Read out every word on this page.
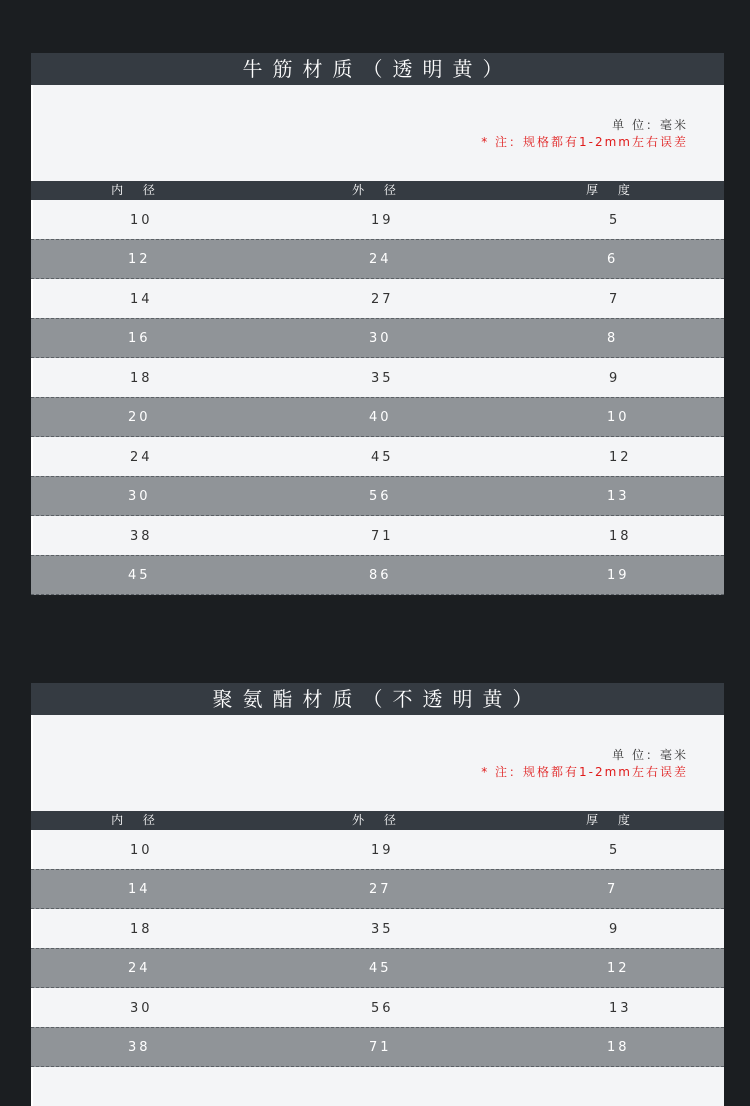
牛筋材质（透明黄）
单 位：毫米
* 注：规格都有1-2mm左右误差
内 径	外 径	厚 度
10	19	5
12	24	6
14	27	7
16	30	8
18	35	9
20	40	10
24	45	12
30	56	13
38	71	18
45	86	19
聚氨酯材质（不透明黄）
单 位：毫米
* 注：规格都有1-2mm左右误差
内 径	外 径	厚 度
10	19	5
14	27	7
18	35	9
24	45	12
30	56	13
38	71	18
